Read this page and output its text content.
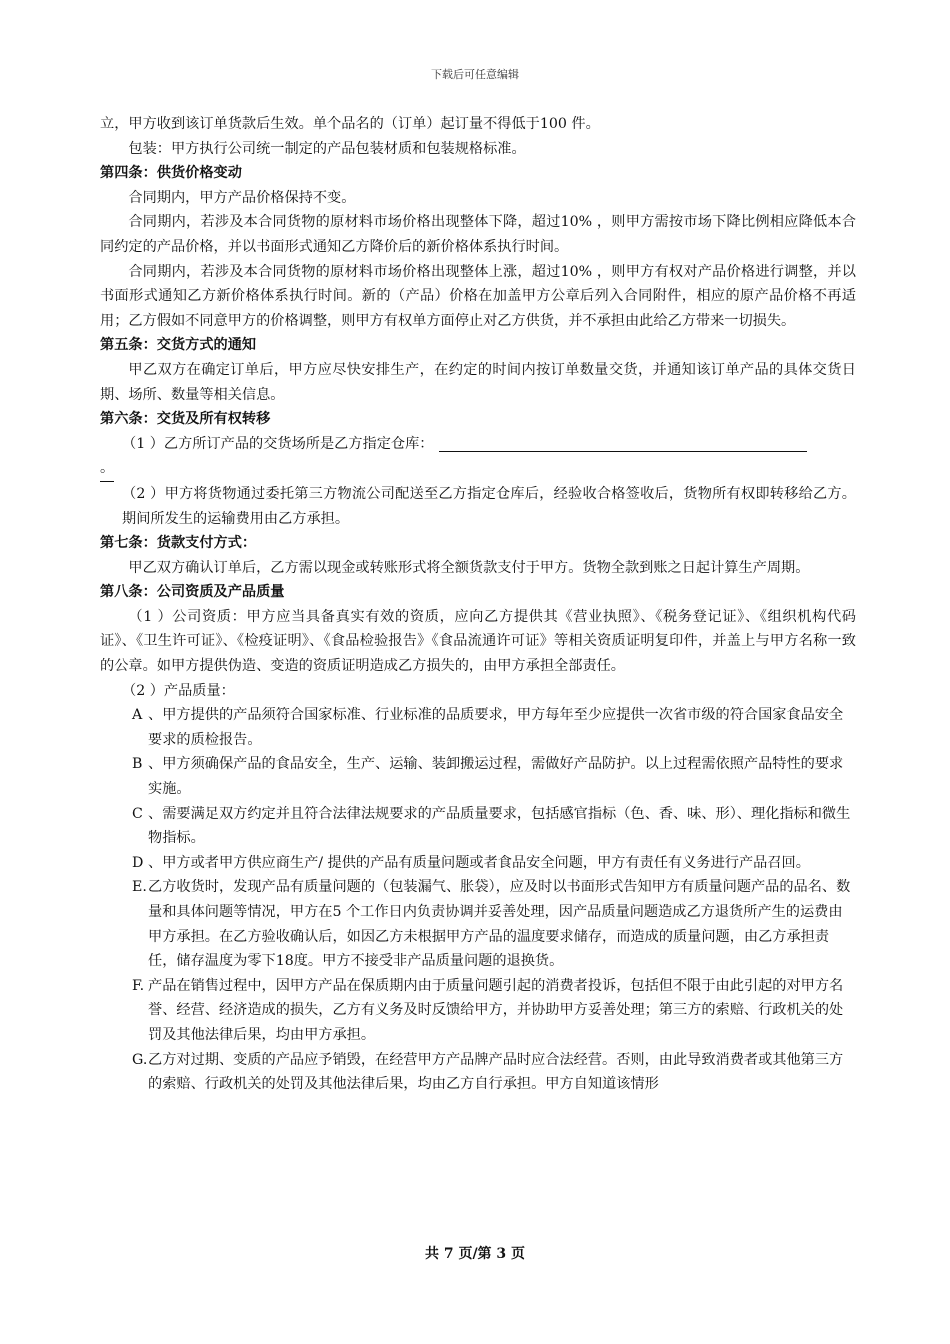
下载后可任意编辑

立，甲方收到该订单货款后生效。单个品名的（订单）起订量不得低于100 件。

包装：甲方执行公司统一制定的产品包装材质和包装规格标准。

第四条：供货价格变动

合同期内，甲方产品价格保持不变。

合同期内，若涉及本合同货物的原材料市场价格出现整体下降，超过10% ，则甲方需按市场下降比例相应降低本合同约定的产品价格，并以书面形式通知乙方降价后的新价格体系执行时间。

合同期内，若涉及本合同货物的原材料市场价格出现整体上涨，超过10% ，则甲方有权对产品价格进行调整，并以书面形式通知乙方新价格体系执行时间。新的（产品）价格在加盖甲方公章后列入合同附件，相应的原产品价格不再适用；乙方假如不同意甲方的价格调整，则甲方有权单方面停止对乙方供货，并不承担由此给乙方带来一切损失。

第五条：交货方式的通知

甲乙双方在确定订单后，甲方应尽快安排生产，在约定的时间内按订单数量交货，并通知该订单产品的具体交货日期、场所、数量等相关信息。

第六条：交货及所有权转移

（1 ）乙方所订产品的交货场所是乙方指定仓库：

。

（2 ）甲方将货物通过委托第三方物流公司配送至乙方指定仓库后，经验收合格签收后，货物所有权即转移给乙方。期间所发生的运输费用由乙方承担。

第七条：货款支付方式：

甲乙双方确认订单后，乙方需以现金或转账形式将全额货款支付于甲方。货物全款到账之日起计算生产周期。

第八条：公司资质及产品质量

（1 ）公司资质：甲方应当具备真实有效的资质，应向乙方提供其《营业执照》、《税务登记证》、《组织机构代码证》、《卫生许可证》、《检疫证明》、《食品检验报告》《食品流通许可证》等相关资质证明复印件，并盖上与甲方名称一致的公章。如甲方提供伪造、变造的资质证明造成乙方损失的，由甲方承担全部责任。

（2 ）产品质量：

A 、甲方提供的产品须符合国家标准、行业标准的品质要求，甲方每年至少应提供一次省市级的符合国家食品安全要求的质检报告。
B 、甲方须确保产品的食品安全，生产、运输、装卸搬运过程，需做好产品防护。以上过程需依照产品特性的要求实施。
C 、需要满足双方约定并且符合法律法规要求的产品质量要求，包括感官指标（色、香、味、形）、理化指标和微生物指标。
D 、甲方或者甲方供应商生产/ 提供的产品有质量问题或者食品安全问题，甲方有责任有义务进行产品召回。
E. 乙方收货时，发现产品有质量问题的（包装漏气、胀袋），应及时以书面形式告知甲方有质量问题产品的品名、数量和具体问题等情况，甲方在5 个工作日内负责协调并妥善处理，因产品质量问题造成乙方退货所产生的运费由甲方承担。在乙方验收确认后，如因乙方未根据甲方产品的温度要求储存，而造成的质量问题，由乙方承担责任，储存温度为零下18度。甲方不接受非产品质量问题的退换货。
F. 产品在销售过程中，因甲方产品在保质期内由于质量问题引起的消费者投诉，包括但不限于由此引起的对甲方名誉、经营、经济造成的损失，乙方有义务及时反馈给甲方，并协助甲方妥善处理；第三方的索赔、行政机关的处罚及其他法律后果，均由甲方承担。
G. 乙方对过期、变质的产品应予销毁，在经营甲方产品牌产品时应合法经营。否则，由此导致消费者或其他第三方的索赔、行政机关的处罚及其他法律后果，均由乙方自行承担。甲方自知道该情形
共 7 页/第 3 页
